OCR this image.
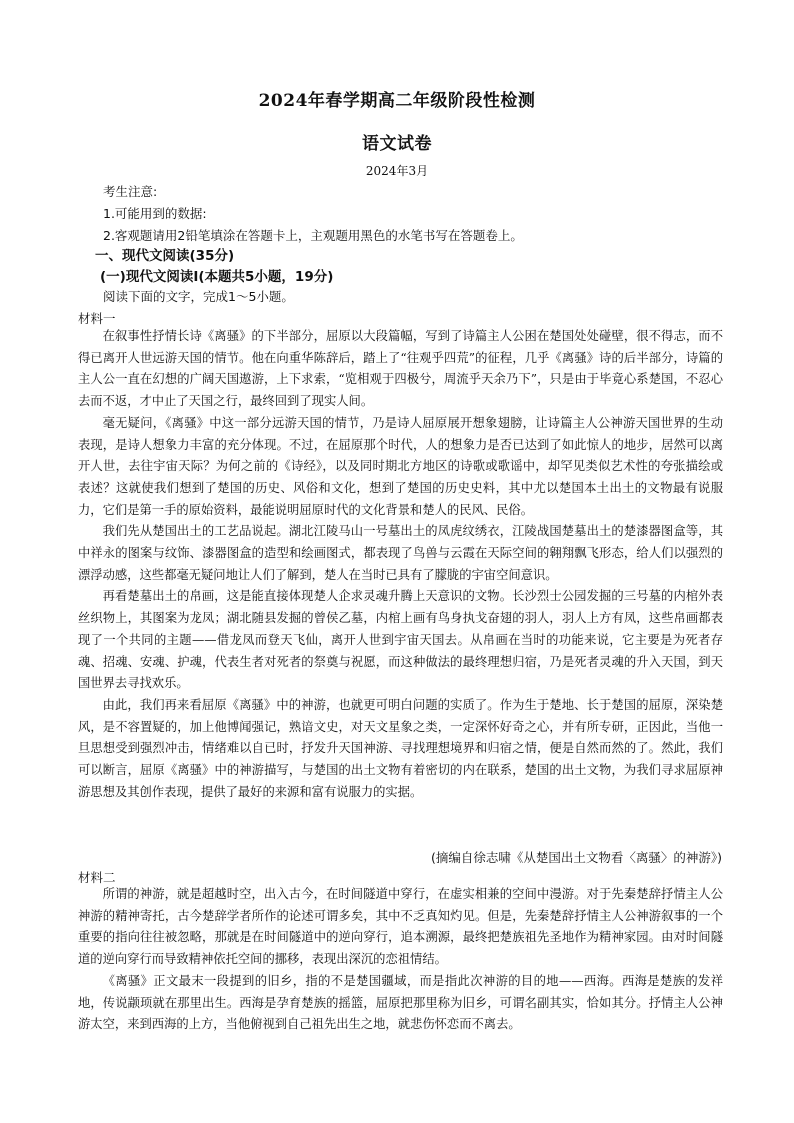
2024年春学期高二年级阶段性检测
语文试卷
2024年3月
考生注意:
1.可能用到的数据:
2.客观题请用2铅笔填涂在答题卡上，主观题用黑色的水笔书写在答题卷上。
一、现代文阅读(35分)
(一)现代文阅读Ⅰ(本题共5小题，19分)
阅读下面的文字，完成1～5小题。
材料一

在叙事性抒情长诗《离骚》的下半部分，屈原以大段篇幅，写到了诗篇主人公困在楚国处处碰壁，很不得志，而不得已离开人世远游天国的情节。他在向重华陈辞后，踏上了“往观乎四荒”的征程，几乎《离骚》诗的后半部分，诗篇的主人公一直在幻想的广阔天国遨游，上下求索，“览相观于四极兮，周流乎天余乃下”，只是由于毕竟心系楚国，不忍心去而不返，才中止了天国之行，最终回到了现实人间。

毫无疑问，《离骚》中这一部分远游天国的情节，乃是诗人屈原展开想象翅膀，让诗篇主人公神游天国世界的生动表现，是诗人想象力丰富的充分体现。不过，在屈原那个时代，人的想象力是否已达到了如此惊人的地步，居然可以离开人世，去往宇宙天际？为何之前的《诗经》，以及同时期北方地区的诗歌或歌谣中，却罕见类似艺术性的夸张描绘或表述？这就使我们想到了楚国的历史、风俗和文化，想到了楚国的历史史料，其中尤以楚国本土出土的文物最有说服力，它们是第一手的原始资料，最能说明屈原时代的文化背景和楚人的民风、民俗。

我们先从楚国出土的工艺品说起。湖北江陵马山一号墓出土的凤虎纹绣衣，江陵战国楚墓出土的楚漆器图盒等，其中祥永的图案与纹饰、漆器图盒的造型和绘画图式，都表现了鸟兽与云霞在天际空间的翱翔飘飞形态，给人们以强烈的漂浮动感，这些都毫无疑问地让人们了解到，楚人在当时已具有了朦胧的宇宙空间意识。

再看楚墓出土的帛画，这是能直接体现楚人企求灵魂升腾上天意识的文物。长沙烈士公园发掘的三号墓的内棺外表丝织物上，其图案为龙凤；湖北随县发掘的曾侯乙墓，内棺上画有鸟身执戈奋翅的羽人，羽人上方有凤，这些帛画都表现了一个共同的主题——借龙凤而登天飞仙，离开人世到宇宙天国去。从帛画在当时的功能来说，它主要是为死者存魂、招魂、安魂、护魂，代表生者对死者的祭奠与祝愿，而这种做法的最终理想归宿，乃是死者灵魂的升入天国，到天国世界去寻找欢乐。

由此，我们再来看屈原《离骚》中的神游，也就更可明白问题的实质了。作为生于楚地、长于楚国的屈原，深染楚风，是不容置疑的，加上他博闻强记，熟谙文史，对天文星象之类，一定深怀好奇之心，并有所专研，正因此，当他一旦思想受到强烈冲击，情绪难以自已时，抒发升天国神游、寻找理想境界和归宿之情，便是自然而然的了。然此，我们可以断言，屈原《离骚》中的神游描写，与楚国的出土文物有着密切的内在联系，楚国的出土文物，为我们寻求屈原神游思想及其创作表现，提供了最好的来源和富有说服力的实据。

(摘编自徐志啸《从楚国出土文物看〈离骚〉的神游》)
材料二

所谓的神游，就是超越时空，出入古今，在时间隧道中穿行，在虚实相兼的空间中漫游。对于先秦楚辞抒情主人公神游的精神寄托，古今楚辞学者所作的论述可谓多矣，其中不乏真知灼见。但是，先秦楚辞抒情主人公神游叙事的一个重要的指向往往被忽略，那就是在时间隧道中的逆向穿行，追本溯源，最终把楚族祖先圣地作为精神家园。由对时间隧道的逆向穿行而导致精神依托空间的挪移，表现出深沉的恋祖情结。

《离骚》正文最末一段提到的旧乡，指的不是楚国疆域，而是指此次神游的目的地——西海。西海是楚族的发祥地，传说颛顼就在那里出生。西海是孕育楚族的摇篮，屈原把那里称为旧乡，可谓名副其实，恰如其分。抒情主人公神游太空，来到西海的上方，当他俯视到自己祖先出生之地，就悲伤怀恋而不离去。
